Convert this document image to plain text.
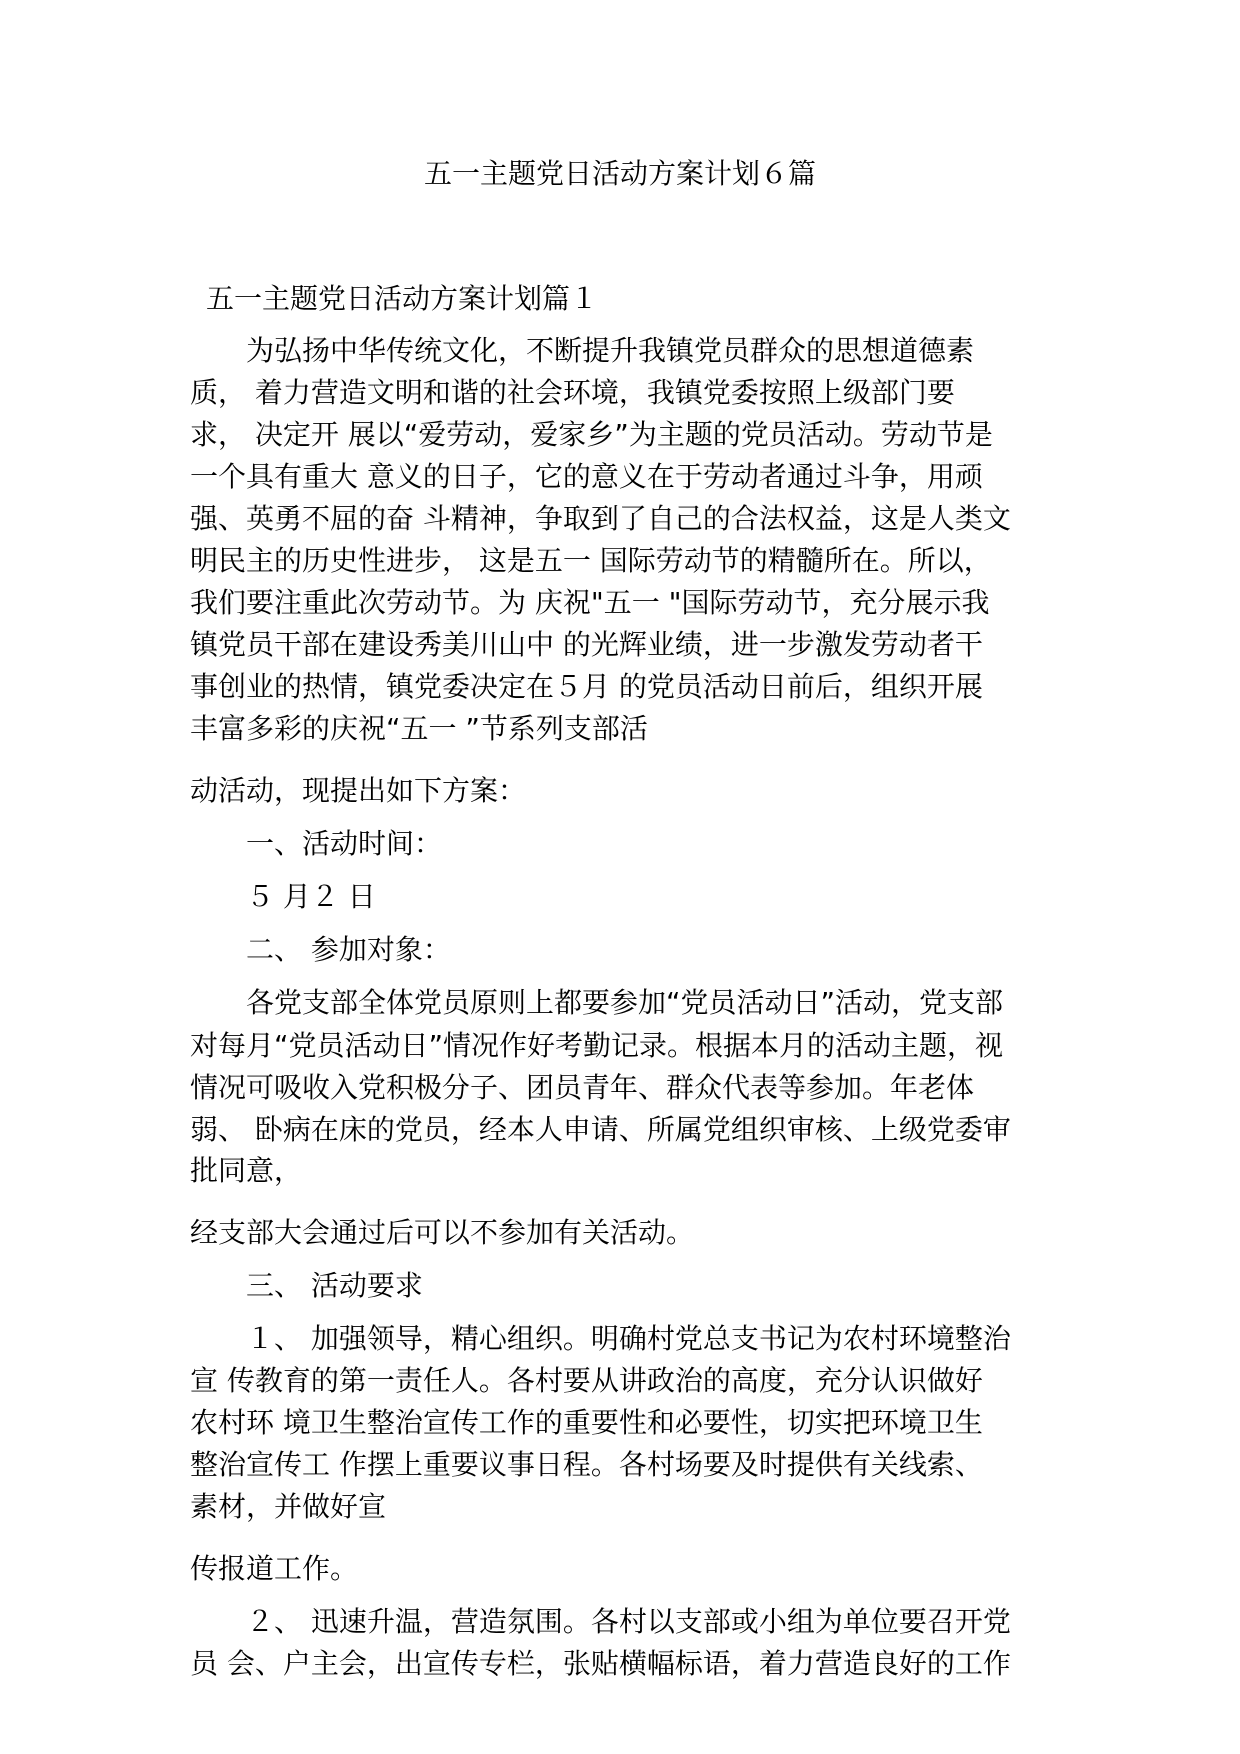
五一主题党日活动方案计划６篇
五一主题党日活动方案计划篇１

为弘扬中华传统文化，不断提升我镇党员群众的思想道德素

质， 着力营造文明和谐的社会环境，我镇党委按照上级部门要

求， 决定开 展以“爱劳动，爱家乡”为主题的党员活动。劳动节是

一个具有重大 意义的日子，它的意义在于劳动者通过斗争，用顽

强、英勇不屈的奋 斗精神，争取到了自己的合法权益，这是人类文

明民主的历史性进步， 这是五一 国际劳动节的精髓所在。所以，

我们要注重此次劳动节。为 庆祝"五一 "国际劳动节，充分展示我

镇党员干部在建设秀美川山中 的光辉业绩，进一步激发劳动者干

事创业的热情，镇党委决定在５月 的党员活动日前后，组织开展

丰富多彩的庆祝“五一 ”节系列支部活

动活动，现提出如下方案：

一、活动时间：

５ 月２ 日

二、 参加对象：

各党支部全体党员原则上都要参加“党员活动日”活动，党支部

对每月“党员活动日”情况作好考勤记录。根据本月的活动主题，视

情况可吸收入党积极分子、团员青年、群众代表等参加。年老体

弱、 卧病在床的党员，经本人申请、所属党组织审核、上级党委审

批同意，

经支部大会通过后可以不参加有关活动。

三、 活动要求

１、 加强领导，精心组织。明确村党总支书记为农村环境整治

宣 传教育的第一责任人。各村要从讲政治的高度，充分认识做好

农村环 境卫生整治宣传工作的重要性和必要性，切实把环境卫生

整治宣传工 作摆上重要议事日程。各村场要及时提供有关线索、

素材，并做好宣

传报道工作。

２、 迅速升温，营造氛围。各村以支部或小组为单位要召开党

员 会、户主会，出宣传专栏，张贴横幅标语，着力营造良好的工作
